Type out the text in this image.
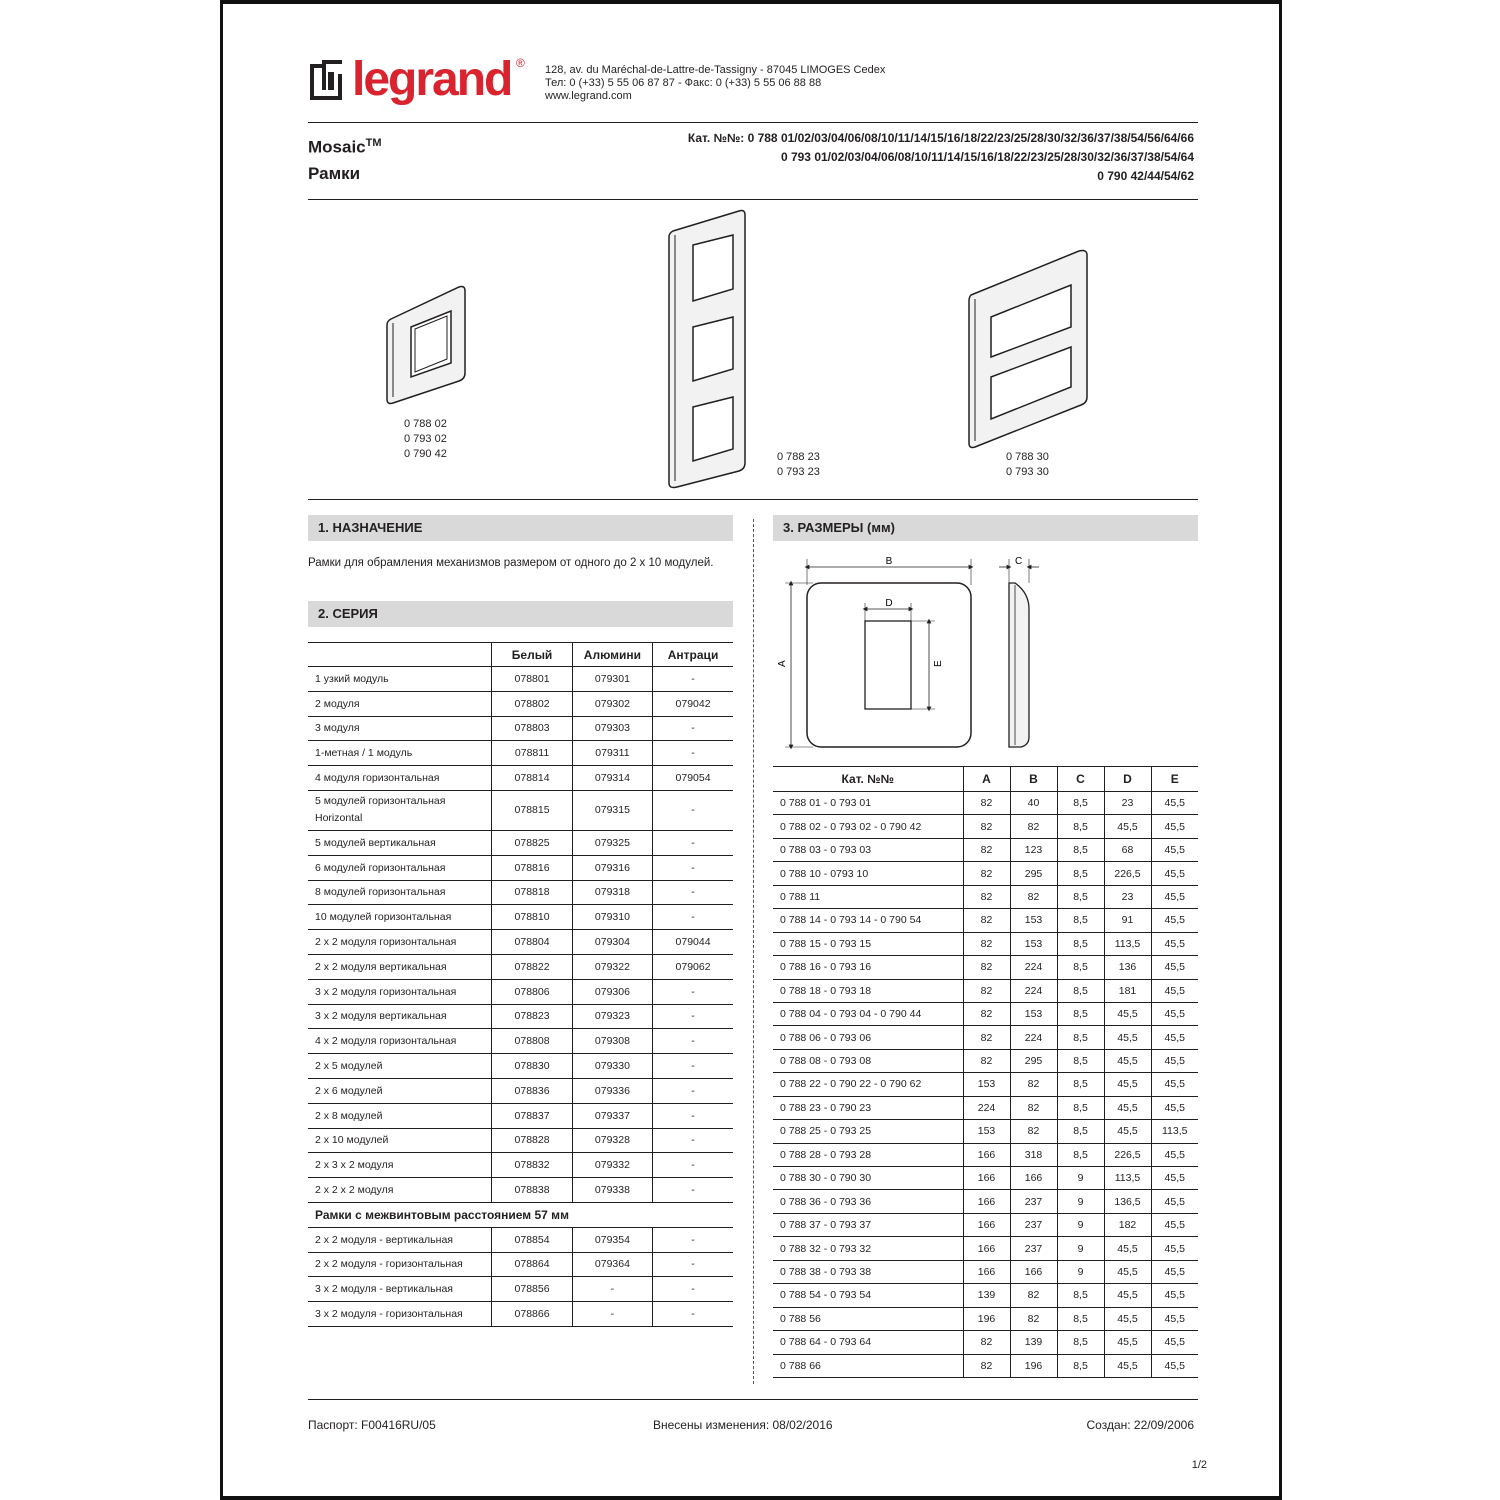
legrand ® 128, av. du Maréchal-de-Lattre-de-Tassigny - 87045 LIMOGES Cedex
Тел: 0 (+33) 5 55 06 87 87 - Факс: 0 (+33) 5 55 06 88 88
www.legrand.com
Mosaic™
Рамки
Кат. №№: 0 788 01/02/03/04/06/08/10/11/14/15/16/18/22/23/25/28/30/32/36/37/38/54/56/64/66
0 793 01/02/03/04/06/08/10/11/14/15/16/18/22/23/25/28/30/32/36/37/38/54/64
0 790 42/44/54/62
0 788 02
0 793 02
0 790 42	0 788 23
0 793 23
0 788 30
0 793 30
1. НАЗНАЧЕНИЕ
Рамки для обрамления механизмов размером от одного до 2 х 10 модулей.
2. СЕРИЯ
	Белый	Алюмини	Антраци
1 узкий модуль	078801	079301	-
2 модуля	078802	079302	079042
3 модуля	078803	079303	-
1-метная / 1 модуль	078811	079311	-
4 модуля горизонтальная	078814	079314	079054
5 модулей горизонтальная Horizontal	078815	079315	-
5 модулей вертикальная	078825	079325	-
6 модулей горизонтальная	078816	079316	-
8 модулей горизонтальная	078818	079318	-
10 модулей горизонтальная	078810	079310	-
2 х 2 модуля горизонтальная	078804	079304	079044
2 х 2 модуля вертикальная	078822	079322	079062
3 х 2 модуля горизонтальная	078806	079306	-
3 х 2 модуля вертикальная	078823	079323	-
4 х 2 модуля горизонтальная	078808	079308	-
2 х 5 модулей	078830	079330	-
2 х 6 модулей	078836	079336	-
2 х 8 модулей	078837	079337	-
2 х 10 модулей	078828	079328	-
2 х 3 х 2 модуля	078832	079332	-
2 х 2 х 2 модуля	078838	079338	-
Рамки с межвинтовым расстоянием 57 мм			
2 х 2 модуля - вертикальная	078854	079354	-
2 х 2 модуля - горизонтальная	078864	079364	-
3 х 2 модуля - вертикальная	078856	-	-
3 х 2 модуля - горизонтальная	078866	-	-
3. РАЗМЕРЫ (мм)
B
A
D
E
C
Кат. №№	A	B	C	D	E
0 788 01 - 0 793 01	82	40	8,5	23	45,5
0 788 02 - 0 793 02 - 0 790 42	82	82	8,5	45,5	45,5
0 788 03 - 0 793 03	82	123	8,5	68	45,5
0 788 10 - 0793 10	82	295	8,5	226,5	45,5
0 788 11	82	82	8,5	23	45,5
0 788 14 - 0 793 14 - 0 790 54	82	153	8,5	91	45,5
0 788 15 - 0 793 15	82	153	8,5	113,5	45,5
0 788 16 - 0 793 16	82	224	8,5	136	45,5
0 788 18 - 0 793 18	82	224	8,5	181	45,5
0 788 04 - 0 793 04 - 0 790 44	82	153	8,5	45,5	45,5
0 788 06 - 0 793 06	82	224	8,5	45,5	45,5
0 788 08 - 0 793 08	82	295	8,5	45,5	45,5
0 788 22 - 0 790 22 - 0 790 62	153	82	8,5	45,5	45,5
0 788 23 - 0 790 23	224	82	8,5	45,5	45,5
0 788 25 - 0 793 25	153	82	8,5	45,5	113,5
0 788 28 - 0 793 28	166	318	8,5	226,5	45,5
0 788 30 - 0 790 30	166	166	9	113,5	45,5
0 788 36 - 0 793 36	166	237	9	136,5	45,5
0 788 37 - 0 793 37	166	237	9	182	45,5
0 788 32 - 0 793 32	166	237	9	45,5	45,5
0 788 38 - 0 793 38	166	166	9	45,5	45,5
0 788 54 - 0 793 54	139	82	8,5	45,5	45,5
0 788 56	196	82	8,5	45,5	45,5
0 788 64 - 0 793 64	82	139	8,5	45,5	45,5
0 788 66	82	196	8,5	45,5	45,5
Паспорт: F00416RU/05	Внесены изменения: 08/02/2016	Создан: 22/09/2006
1/2
